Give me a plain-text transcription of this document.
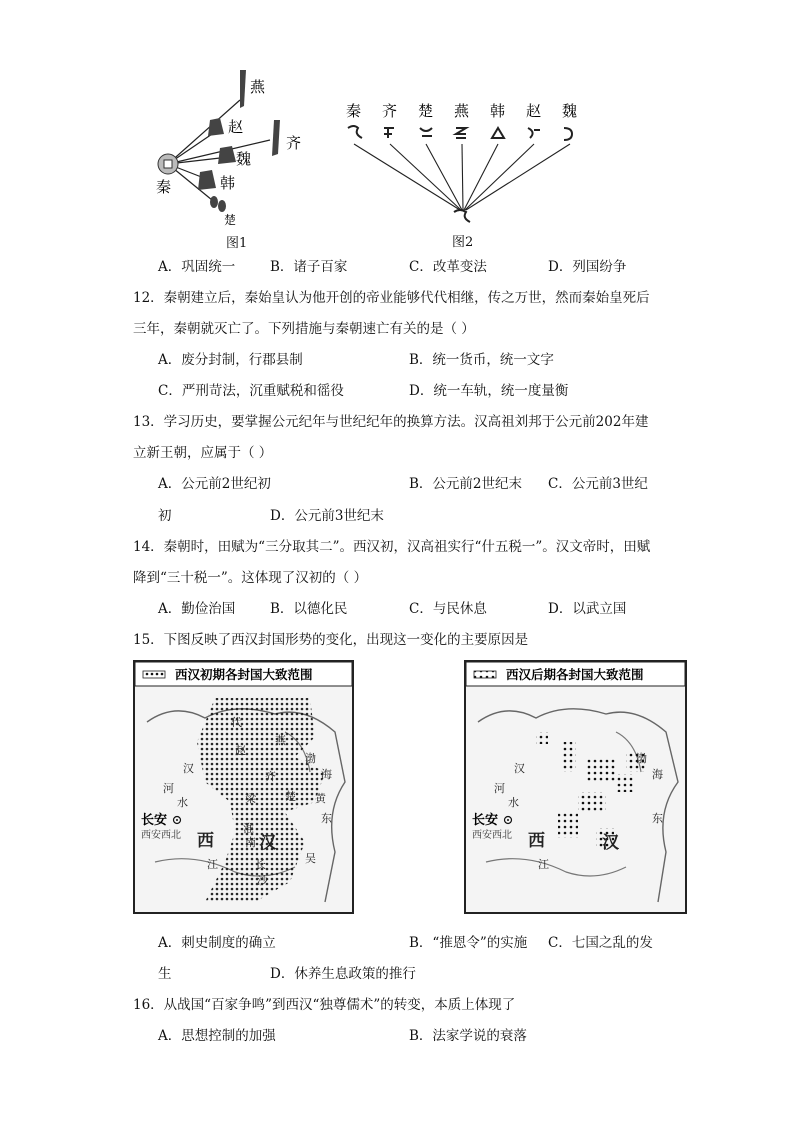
燕
赵
齐
魏
韩
秦
楚
图1
秦 齐 楚 燕 韩 赵 魏
图2
A．巩固统一	B．诸子百家	C．改革变法	D．列国纷争
12．秦朝建立后，秦始皇认为他开创的帝业能够代代相继，传之万世，然而秦始皇死后
三年，秦朝就灭亡了。下列措施与秦朝速亡有关的是（ ）
A．废分封制，行郡县制	B．统一货币，统一文字
C．严刑苛法，沉重赋税和徭役	D．统一车轨，统一度量衡
13．学习历史，要掌握公元纪年与世纪纪年的换算方法。汉高祖刘邦于公元前202年建
立新王朝，应属于（ ）
A．公元前2世纪初	B．公元前2世纪末 C．公元前3世纪
初	D．公元前3世纪末
14．秦朝时，田赋为“三分取其二”。西汉初，汉高祖实行“什五税一”。汉文帝时，田赋
降到“三十税一”。这体现了汉初的（ ）
A．勤俭治国	B．以德化民	C．与民休息	D．以武立国
15．下图反映了西汉封国形势的变化，出现这一变化的主要原因是
西汉初期各封国大致范围
燕
赵
代
齐
梁	楚
淮
南
吴
长
沙
江
东
汉
河
水
渤
海
黄
长安
西安西北 西	汉
西汉后期各封国大致范围
汉
河
水
渤
海
东
江
长安
西安西北 西	汉
A．刺史制度的确立	B．“推恩令”的实施 C．七国之乱的发
生	D．休养生息政策的推行
16．从战国“百家争鸣”到西汉“独尊儒术”的转变，本质上体现了
A．思想控制的加强	B．法家学说的衰落
